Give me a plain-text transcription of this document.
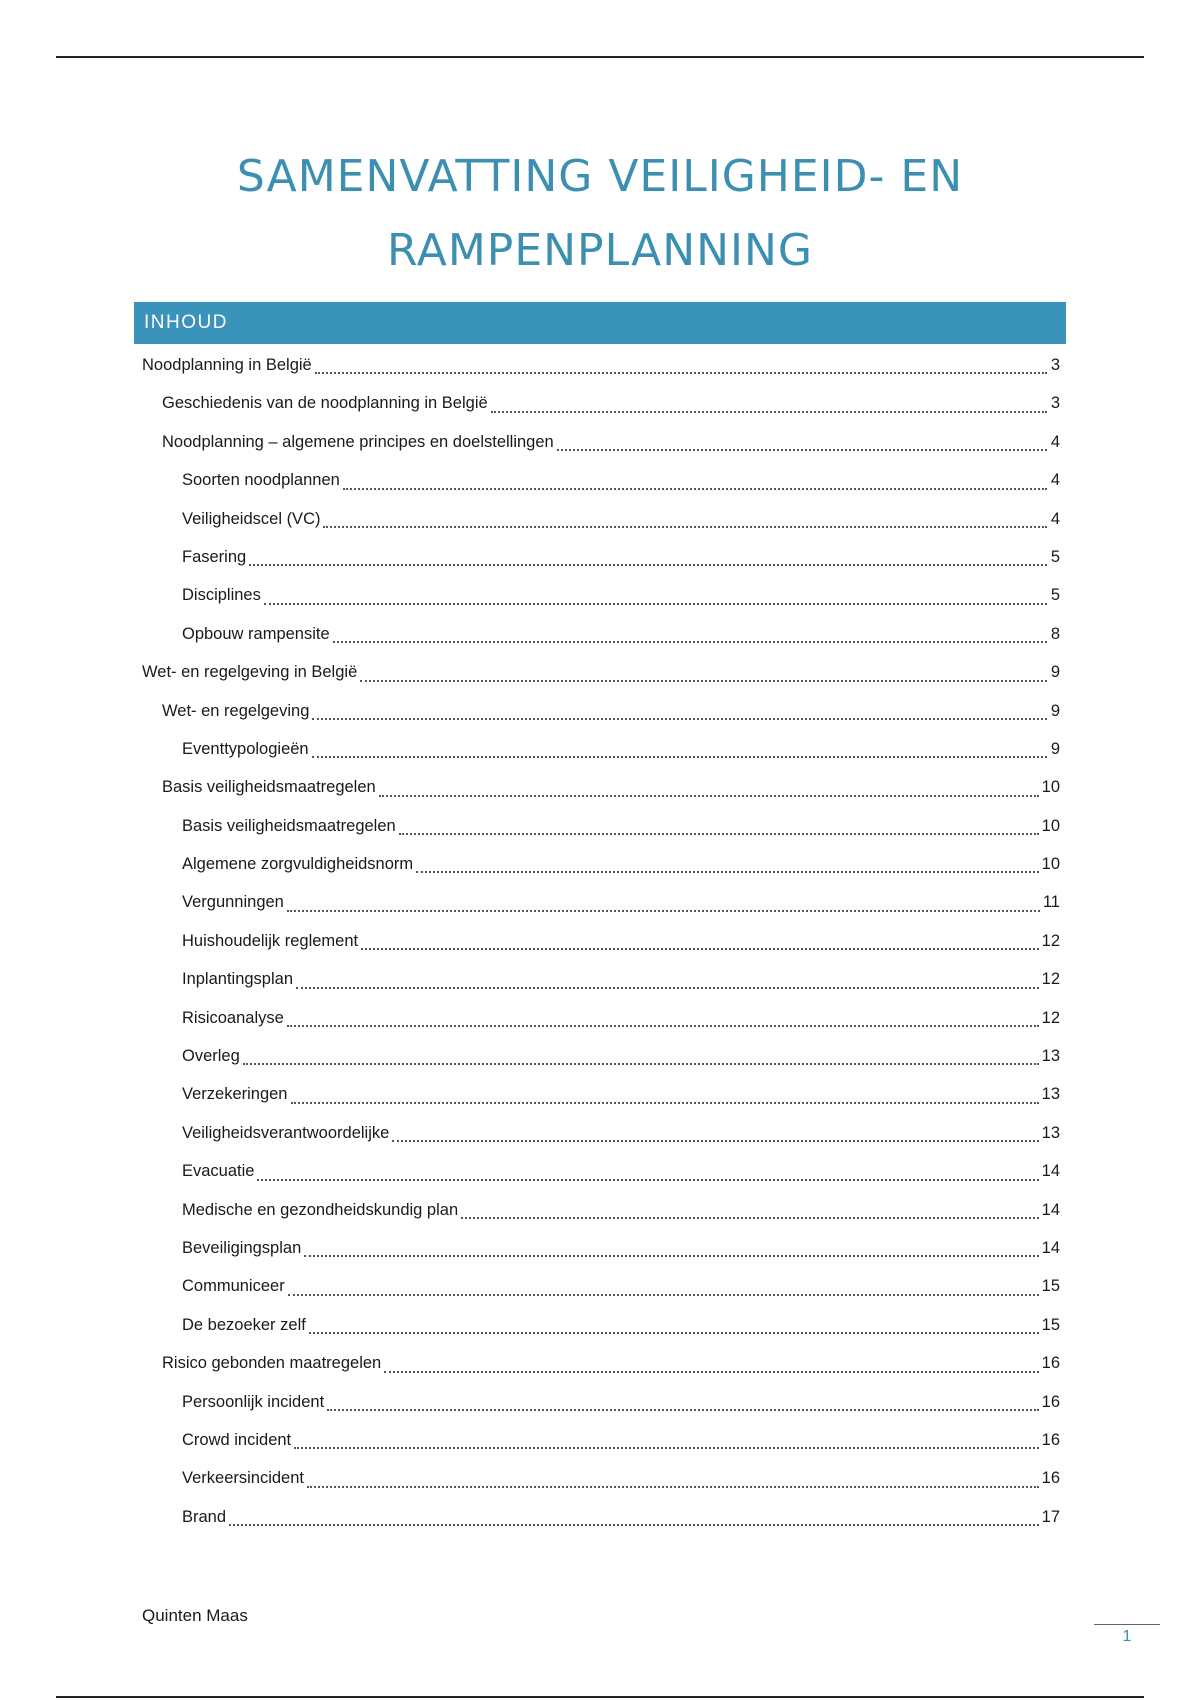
SAMENVATTING VEILIGHEID- EN
RAMPENPLANNING
INHOUD
Noodplanning in België	3
Geschiedenis van de noodplanning in België	3
Noodplanning – algemene principes en doelstellingen	4
Soorten noodplannen	4
Veiligheidscel (VC)	4
Fasering	5
Disciplines	5
Opbouw rampensite	8
Wet- en regelgeving in België	9
Wet- en regelgeving	9
Eventtypologieën	9
Basis veiligheidsmaatregelen	10
Basis veiligheidsmaatregelen	10
Algemene zorgvuldigheidsnorm	10
Vergunningen	11
Huishoudelijk reglement	12
Inplantingsplan	12
Risicoanalyse	12
Overleg	13
Verzekeringen	13
Veiligheidsverantwoordelijke	13
Evacuatie	14
Medische en gezondheidskundig plan	14
Beveiligingsplan	14
Communiceer	15
De bezoeker zelf	15
Risico gebonden maatregelen	16
Persoonlijk incident	16
Crowd incident	16
Verkeersincident	16
Brand	17
Quinten Maas
1
